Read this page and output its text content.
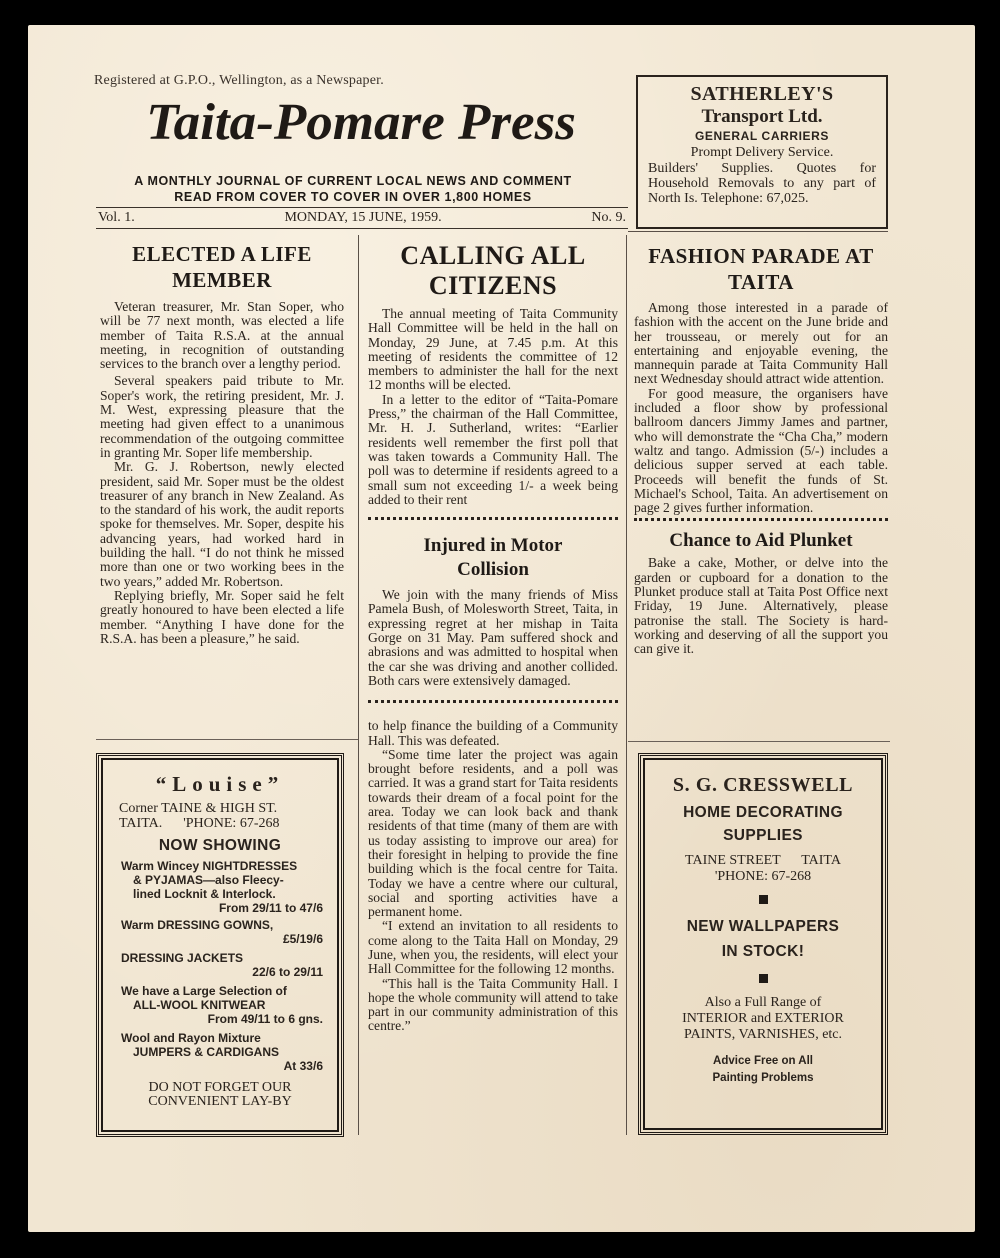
Registered at G.P.O., Wellington, as a Newspaper.
Taita-Pomare Press
A MONTHLY JOURNAL OF CURRENT LOCAL NEWS AND COMMENT
READ FROM COVER TO COVER IN OVER 1,800 HOMES
Vol. 1.	MONDAY, 15 JUNE, 1959.	No. 9.
SATHERLEY'S
Transport Ltd.
GENERAL CARRIERS
Prompt Delivery Service.
Builders' Supplies. Quotes for Household Removals to any part of North Is. Telephone: 67,025.
ELECTED A LIFE MEMBER

Veteran treasurer, Mr. Stan Soper, who will be 77 next month, was elected a life member of Taita R.S.A. at the annual meeting, in recognition of outstanding services to the branch over a lengthy period.

Several speakers paid tribute to Mr. Soper's work, the retiring president, Mr. J. M. West, expressing pleasure that the meeting had given effect to a unanimous recommendation of the outgoing committee in granting Mr. Soper life membership.

Mr. G. J. Robertson, newly elected president, said Mr. Soper must be the oldest treasurer of any branch in New Zealand. As to the standard of his work, the audit reports spoke for themselves. Mr. Soper, despite his advancing years, had worked hard in building the hall. “I do not think he missed more than one or two working bees in the two years,” added Mr. Robertson.

Replying briefly, Mr. Soper said he felt greatly honoured to have been elected a life member. “Anything I have done for the R.S.A. has been a pleasure,” he said.

“Louise”
Corner TAINE & HIGH ST.
TAITA.      'PHONE: 67-268
NOW SHOWING
Warm Wincey NIGHTDRESSES
& PYJAMAS—also Fleecy-
lined Locknit & Interlock.
From 29/11 to 47/6
Warm DRESSING GOWNS,
£5/19/6
DRESSING JACKETS
22/6 to 29/11
We have a Large Selection of
ALL-WOOL KNITWEAR
From 49/11 to 6 gns.
Wool and Rayon Mixture
JUMPERS & CARDIGANS
At 33/6
DO NOT FORGET OUR
CONVENIENT LAY-BY
CALLING ALL CITIZENS

The annual meeting of Taita Community Hall Committee will be held in the hall on Monday, 29 June, at 7.45 p.m. At this meeting of residents the committee of 12 members to administer the hall for the next 12 months will be elected.

In a letter to the editor of “Taita-Pomare Press,” the chairman of the Hall Committee, Mr. H. J. Sutherland, writes: “Earlier residents well remember the first poll that was taken towards a Community Hall. The poll was to determine if residents agreed to a small sum not exceeding 1/- a week being added to their rent

Injured in Motor Collision

We join with the many friends of Miss Pamela Bush, of Molesworth Street, Taita, in expressing regret at her mishap in Taita Gorge on 31 May. Pam suffered shock and abrasions and was admitted to hospital when the car she was driving and another collided. Both cars were extensively damaged.

to help finance the building of a Community Hall. This was defeated.

“Some time later the project was again brought before residents, and a poll was carried. It was a grand start for Taita residents towards their dream of a focal point for the area. Today we can look back and thank residents of that time (many of them are with us today assisting to improve our area) for their foresight in helping to provide the fine building which is the focal centre for Taita. Today we have a centre where our cultural, social and sporting activities have a permanent home.

“I extend an invitation to all residents to come along to the Taita Hall on Monday, 29 June, when you, the residents, will elect your Hall Committee for the following 12 months.

“This hall is the Taita Community Hall. I hope the whole community will attend to take part in our community administration of this centre.”

FASHION PARADE AT TAITA

Among those interested in a parade of fashion with the accent on the June bride and her trousseau, or merely out for an entertaining and enjoyable evening, the mannequin parade at Taita Community Hall next Wednesday should attract wide attention.

For good measure, the organisers have included a floor show by professional ballroom dancers Jimmy James and partner, who will demonstrate the “Cha Cha,” modern waltz and tango. Admission (5/-) includes a delicious supper served at each table. Proceeds will benefit the funds of St. Michael's School, Taita. An advertisement on page 2 gives further information.

Chance to Aid Plunket

Bake a cake, Mother, or delve into the garden or cupboard for a donation to the Plunket produce stall at Taita Post Office next Friday, 19 June. Alternatively, please patronise the stall. The Society is hard-working and deserving of all the support you can give it.

S. G. CRESSWELL
HOME DECORATING
SUPPLIES
TAINE STREET      TAITA
'PHONE: 67-268
NEW WALLPAPERS
IN STOCK!
Also a Full Range of
INTERIOR and EXTERIOR
PAINTS, VARNISHES, etc.
Advice Free on All
Painting Problems
